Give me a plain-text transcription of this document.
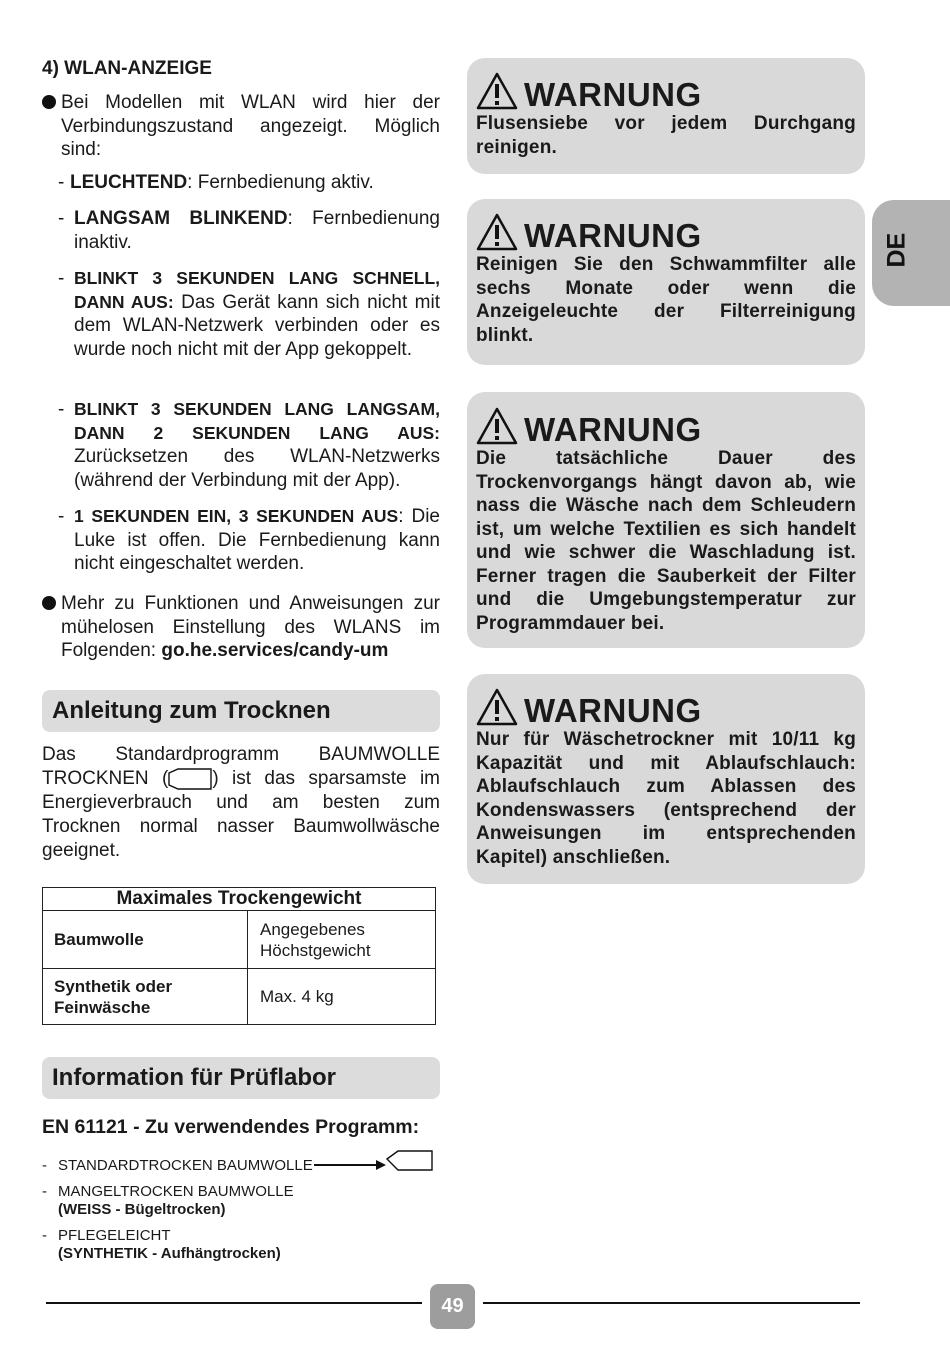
4) WLAN-ANZEIGE
Bei Modellen mit WLAN wird hier der Verbindungszustand angezeigt. Möglich sind:
- LEUCHTEND: Fernbedienung aktiv.
- LANGSAM BLINKEND: Fernbedienung inaktiv.
- BLINKT 3 SEKUNDEN LANG SCHNELL, DANN AUS: Das Gerät kann sich nicht mit dem WLAN-Netzwerk verbinden oder es wurde noch nicht mit der App gekoppelt.
- BLINKT 3 SEKUNDEN LANG LANGSAM, DANN 2 SEKUNDEN LANG AUS: Zurücksetzen des WLAN-Netzwerks (während der Verbindung mit der App).
- 1 SEKUNDEN EIN, 3 SEKUNDEN AUS: Die Luke ist offen. Die Fernbedienung kann nicht eingeschaltet werden.
Mehr zu Funktionen und Anweisungen zur mühelosen Einstellung des WLANS im Folgenden: go.he.services/candy-um
Anleitung zum Trocknen
Das Standardprogramm BAUMWOLLE TROCKNEN ( ) ist das sparsamste im Energieverbrauch und am besten zum Trocknen normal nasser Baumwollwäsche geeignet.
Maximales Trockengewicht	
Baumwolle	Angegebenes Höchstgewicht

Synthetik oder Feinwäsche	Max. 4 kg
Information für Prüflabor
EN 61121 - Zu verwendendes Programm:
- STANDARDTROCKEN BAUMWOLLE
- MANGELTROCKEN BAUMWOLLE
(WEISS - Bügeltrocken)
- PFLEGELEICHT
(SYNTHETIK - Aufhängtrocken)
WARNUNG
Flusensiebe vor jedem Durchgang reinigen.
WARNUNG
Reinigen Sie den Schwammfilter alle sechs Monate oder wenn die Anzeigeleuchte der Filterreinigung blinkt.
WARNUNG
Die tatsächliche Dauer des Trockenvorgangs hängt davon ab, wie nass die Wäsche nach dem Schleudern ist, um welche Textilien es sich handelt und wie schwer die Waschladung ist. Ferner tragen die Sauberkeit der Filter und die Umgebungstemperatur zur Programmdauer bei.
WARNUNG
Nur für Wäschetrockner mit 10/11 kg Kapazität und mit Ablaufschlauch: Ablaufschlauch zum Ablassen des Kondenswassers (entsprechend der Anweisungen im entsprechenden Kapitel) anschließen.
DE
49
